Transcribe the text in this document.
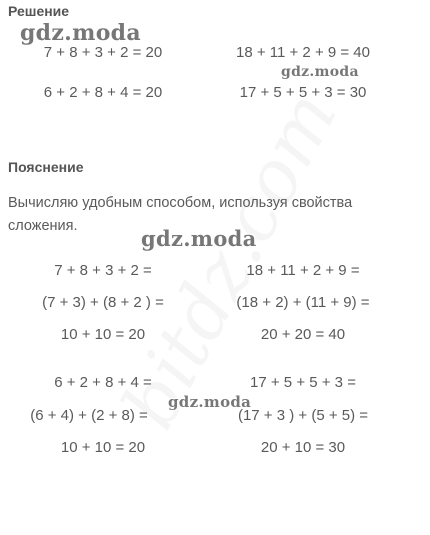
Решение
7 + 8 + 3 + 2 = 20
6 + 2 + 8 + 4 = 20
18 + 11 + 2 + 9 = 40
17 + 5 + 5 + 3 = 30
Пояснение
Вычисляю удобным способом, используя свойства сложения.
7 + 8 + 3 + 2 =
(7 + 3) + (8 + 2 ) =
10 + 10 = 20
18 + 11 + 2 + 9 =
(18 + 2) + (11 + 9) =
20 + 20 = 40
6 + 2 + 8 + 4 =
(6 + 4) + (2 + 8) =
10 + 10 = 20
17 + 5 + 5 + 3 =
(17 + 3 ) + (5 + 5) =
20 + 10 = 30
gdz.moda
gdz.moda
gdz.moda
gdz.moda
